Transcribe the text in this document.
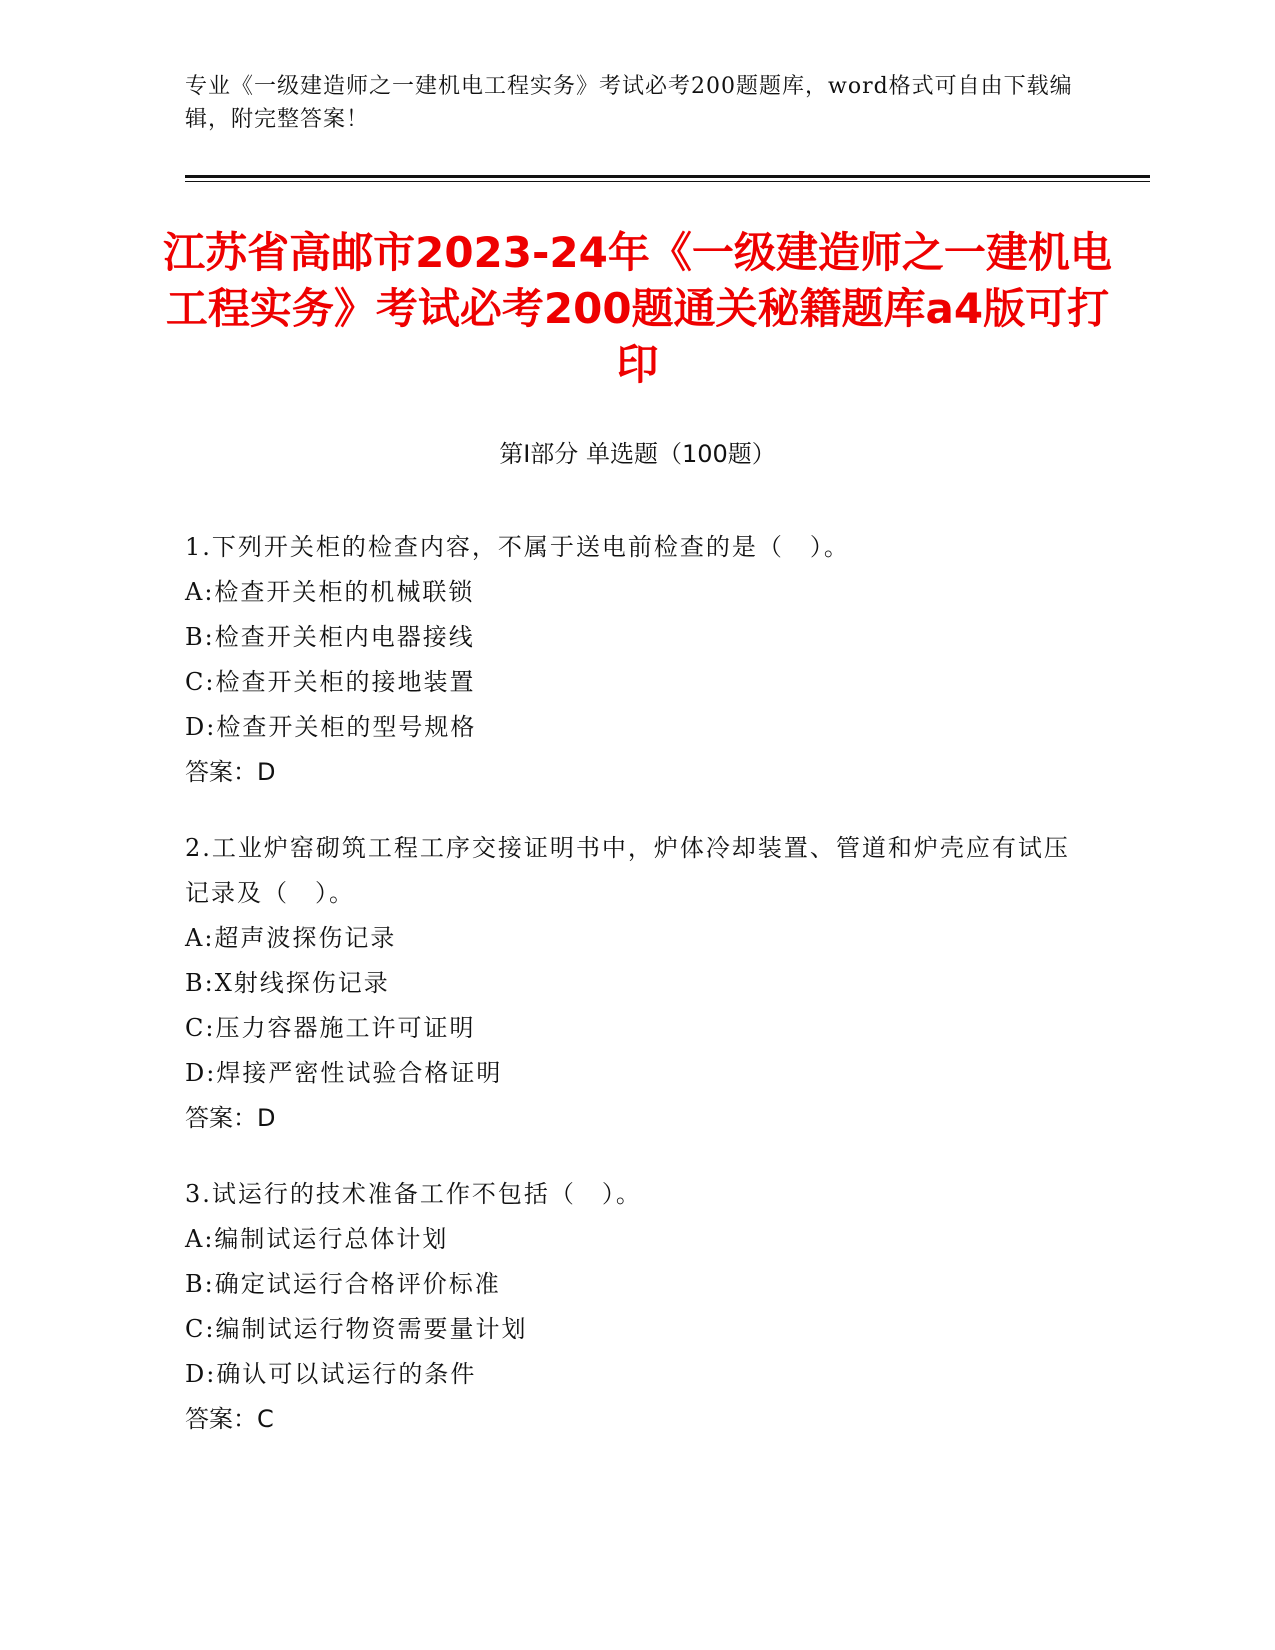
专业《一级建造师之一建机电工程实务》考试必考200题题库，word格式可自由下载编辑，附完整答案！
江苏省高邮市2023-24年《一级建造师之一建机电工程实务》考试必考200题通关秘籍题库a4版可打印
第I部分 单选题（100题）
1.下列开关柜的检查内容，不属于送电前检查的是（　）。
A:检查开关柜的机械联锁
B:检查开关柜内电器接线
C:检查开关柜的接地装置
D:检查开关柜的型号规格
答案：D
2.工业炉窑砌筑工程工序交接证明书中，炉体冷却装置、管道和炉壳应有试压记录及（　）。
A:超声波探伤记录
B:X射线探伤记录
C:压力容器施工许可证明
D:焊接严密性试验合格证明
答案：D
3.试运行的技术准备工作不包括（　）。
A:编制试运行总体计划
B:确定试运行合格评价标准
C:编制试运行物资需要量计划
D:确认可以试运行的条件
答案：C
